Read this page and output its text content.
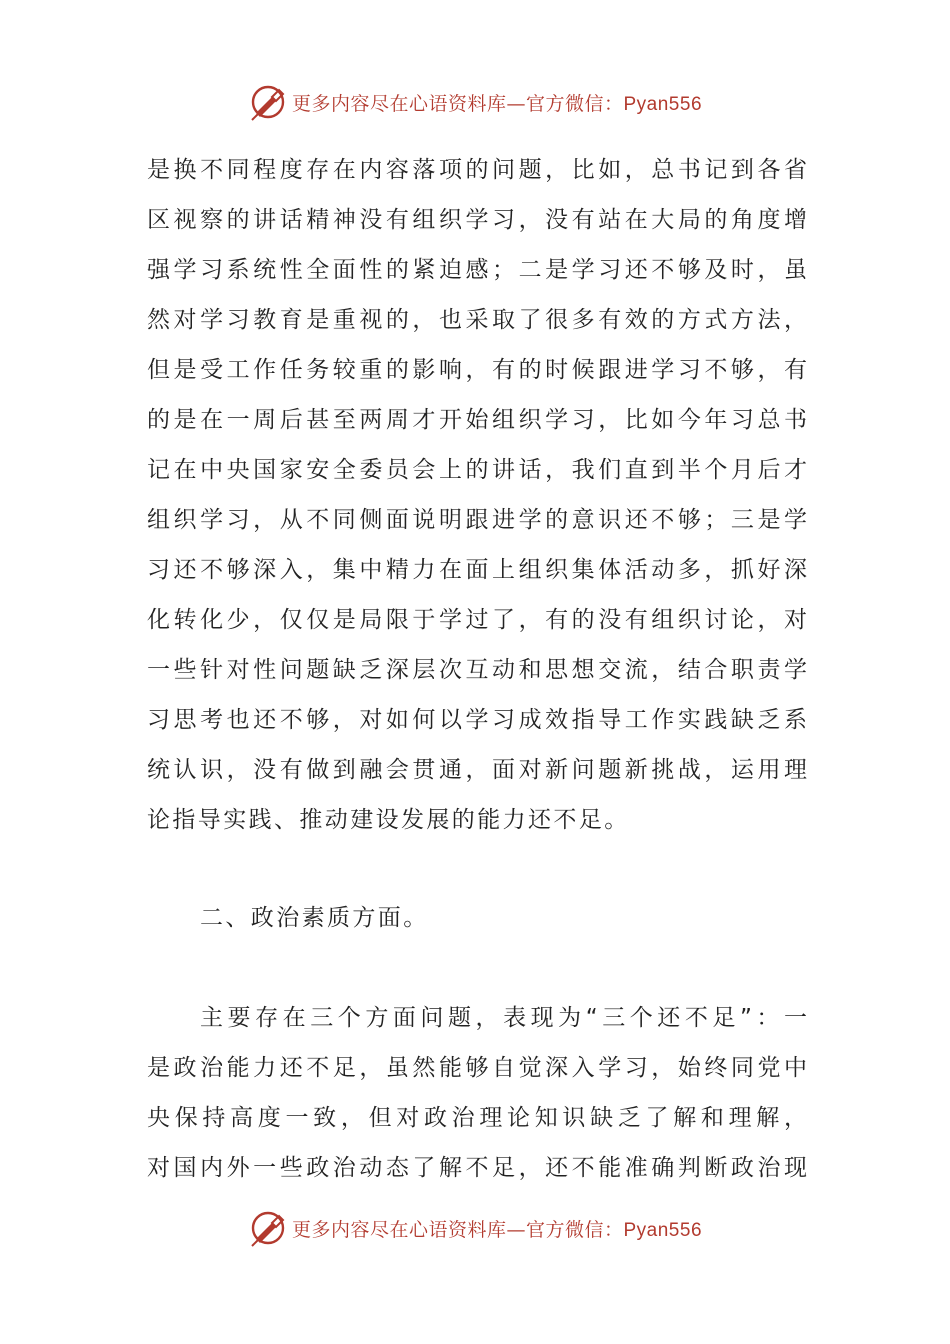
更多内容尽在心语资料库—官方微信：Pyan556
是换不同程度存在内容落项的问题，比如，总书记到各省
区视察的讲话精神没有组织学习，没有站在大局的角度增
强学习系统性全面性的紧迫感；二是学习还不够及时，虽
然对学习教育是重视的，也采取了很多有效的方式方法，
但是受工作任务较重的影响，有的时候跟进学习不够，有
的是在一周后甚至两周才开始组织学习，比如今年习总书
记在中央国家安全委员会上的讲话，我们直到半个月后才
组织学习，从不同侧面说明跟进学的意识还不够；三是学
习还不够深入，集中精力在面上组织集体活动多，抓好深
化转化少，仅仅是局限于学过了，有的没有组织讨论，对
一些针对性问题缺乏深层次互动和思想交流，结合职责学
习思考也还不够，对如何以学习成效指导工作实践缺乏系
统认识，没有做到融会贯通，面对新问题新挑战，运用理
论指导实践、推动建设发展的能力还不足。
二、政治素质方面。
主要存在三个方面问题，表现为“三个还不足”：一
是政治能力还不足，虽然能够自觉深入学习，始终同党中
央保持高度一致，但对政治理论知识缺乏了解和理解，
对国内外一些政治动态了解不足，还不能准确判断政治现
更多内容尽在心语资料库—官方微信：Pyan556
